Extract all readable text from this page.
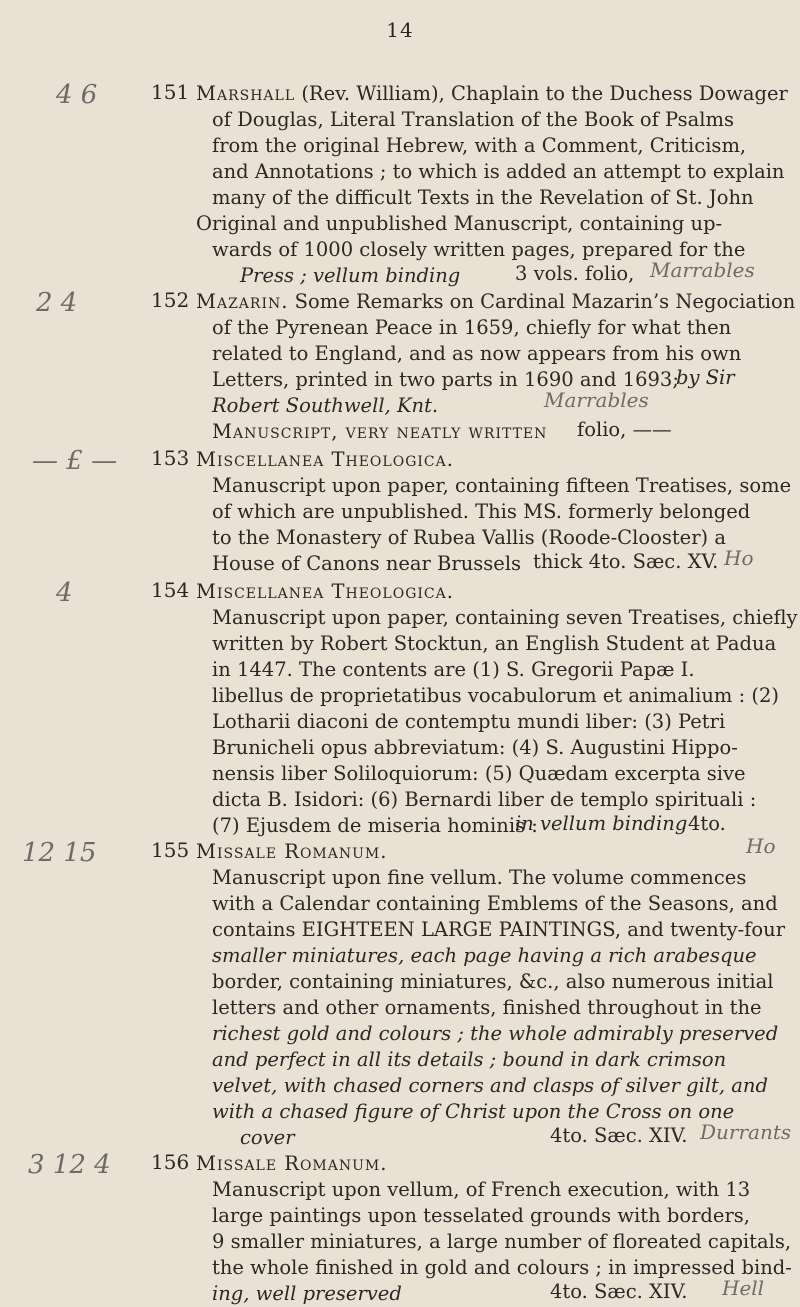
14
4 6	151 Marshall (Rev. William), Chaplain to the Duchess Dowager
of Douglas, Literal Translation of the Book of Psalms
from the original Hebrew, with a Comment, Criticism,
and Annotations ; to which is added an attempt to explain
many of the difficult Texts in the Revelation of St. John
Original and unpublished Manuscript, containing up-
wards of 1000 closely written pages, prepared for the
Press ; vellum binding	3 vols. folio, Marrables
2 4	152 Mazarin. Some Remarks on Cardinal Mazarin’s Negociation
of the Pyrenean Peace in 1659, chiefly for what then
related to England, and as now appears from his own
Letters, printed in two parts in 1690 and 1693;
by Sir
Robert Southwell, Knt.	Marrables
Manuscript, very neatly written folio, ——
— £ — 153 Miscellanea Theologica.
Manuscript upon paper, containing fifteen Treatises, some
of which are unpublished. This MS. formerly belonged
to the Monastery of Rubea Vallis (Roode-Clooster) a
House of Canons near Brussels thick 4to. Sæc. XV. Ho
4	154 Miscellanea Theologica.
Manuscript upon paper, containing seven Treatises, chiefly
written by Robert Stocktun, an English Student at Padua
in 1447. The contents are (1) S. Gregorii Papæ I.
libellus de proprietatibus vocabulorum et animalium : (2)
Lotharii diaconi de contemptu mundi liber: (3) Petri
Brunicheli opus abbreviatum: (4) S. Augustini Hippo-
nensis liber Soliloquiorum: (5) Quædam excerpta sive
dicta B. Isidori: (6) Bernardi liber de templo spirituali :
(7) Ejusdem de miseria hominis :
in vellum binding 4to.
12 15	155 Missale Romanum.	Ho
Manuscript upon fine vellum. The volume commences
with a Calendar containing Emblems of the Seasons, and
contains EIGHTEEN LARGE PAINTINGS, and twenty-four
smaller miniatures, each page having a rich arabesque
border, containing miniatures, &c., also numerous initial
letters and other ornaments, finished throughout in the
richest gold and colours ; the whole admirably preserved
and perfect in all its details ; bound in dark crimson
velvet, with chased corners and clasps of silver gilt, and
with a chased figure of Christ upon the Cross on one
cover	4to. Sæc. XIV. Durrants
3 12 4 156 Missale Romanum.
Manuscript upon vellum, of French execution, with 13
large paintings upon tesselated grounds with borders,
9 smaller miniatures, a large number of floreated capitals,
the whole finished in gold and colours ; in impressed bind-
ing, well preserved	4to. Sæc. XIV. Hell
